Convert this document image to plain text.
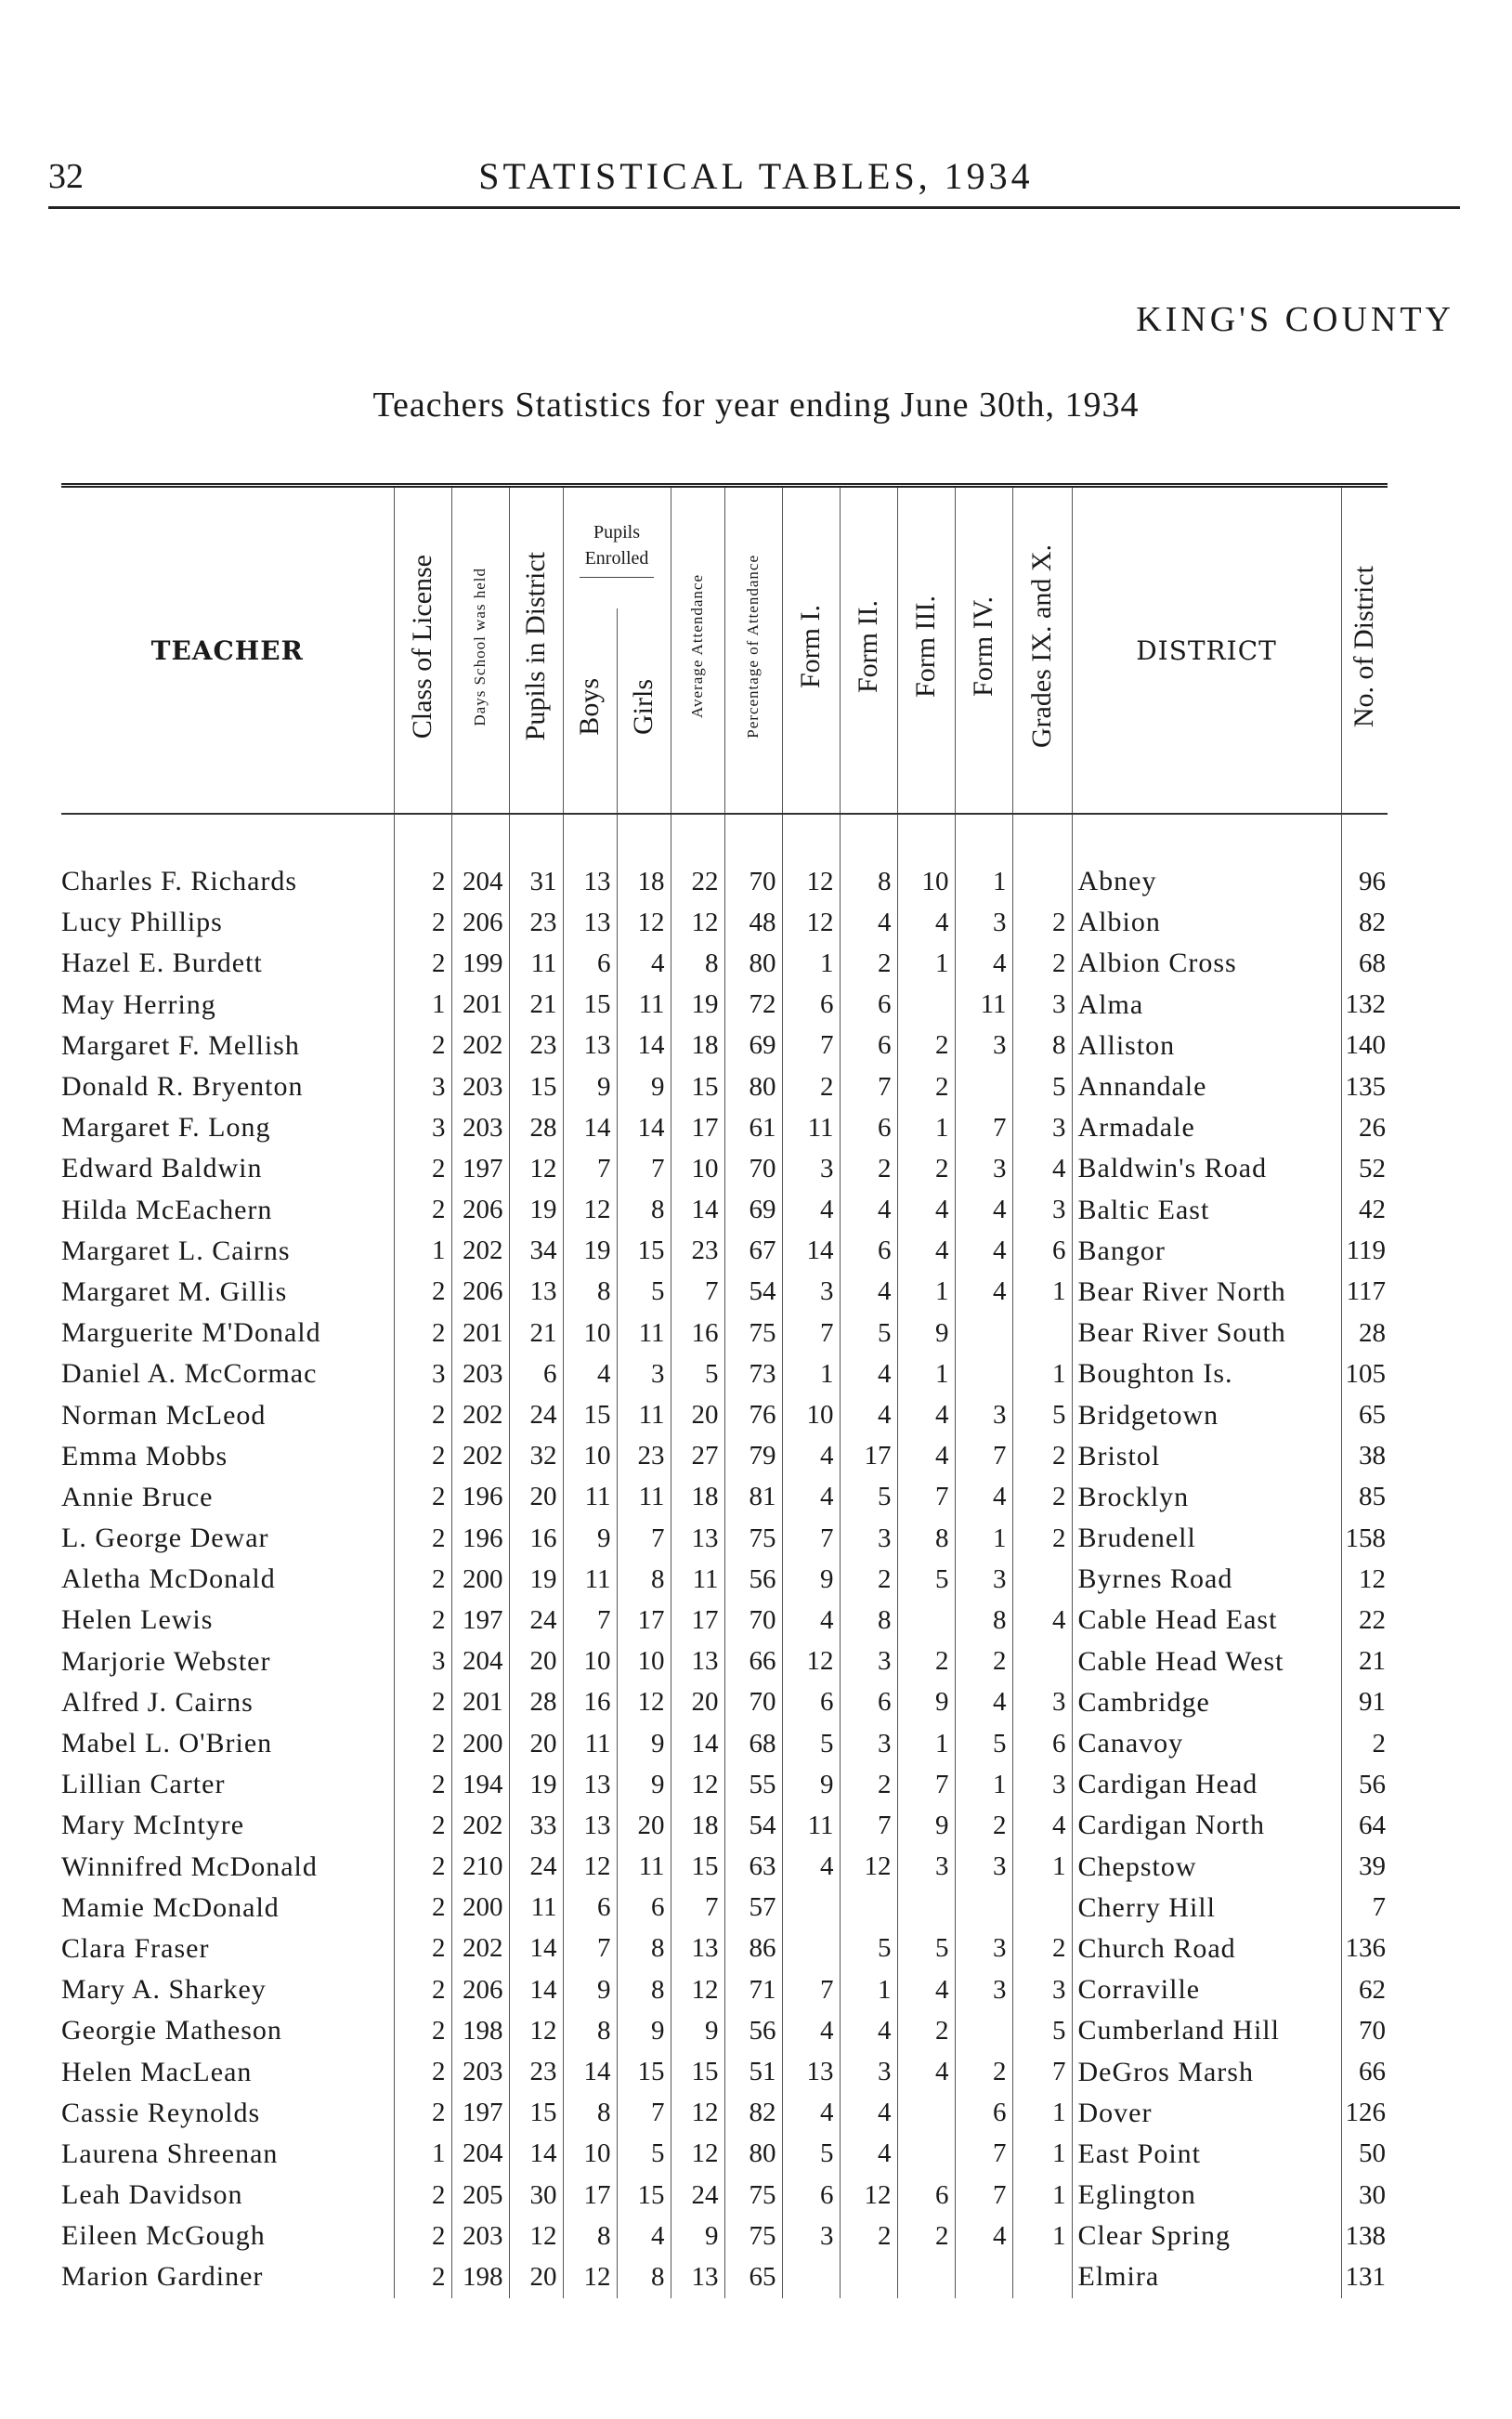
32	STATISTICAL TABLES, 1934
KING'S COUNTY
Teachers Statistics for year ending June 30th, 1934
TEACHER	Class of License	Days School was held	Pupils in District	Pupils Enrolled		Average Attendance	Percentage of Attendance	Form I.	Form II.	Form III.	Form IV.	Grades IX. and X.	DISTRICT	No. of District
				Boys	Girls									

Charles F. Richards	2	204	31	13	18	22	70	12	8	10	1		Abney	96
Lucy Phillips	2	206	23	13	12	12	48	12	4	4	3	2	Albion	82
Hazel E. Burdett	2	199	11	6	4	8	80	1	2	1	4	2	Albion Cross	68
May Herring	1	201	21	15	11	19	72	6	6		11	3	Alma	132
Margaret F. Mellish	2	202	23	13	14	18	69	7	6	2	3	8	Alliston	140
Donald R. Bryenton	3	203	15	9	9	15	80	2	7	2		5	Annandale	135
Margaret F. Long	3	203	28	14	14	17	61	11	6	1	7	3	Armadale	26
Edward Baldwin	2	197	12	7	7	10	70	3	2	2	3	4	Baldwin's Road	52
Hilda McEachern	2	206	19	12	8	14	69	4	4	4	4	3	Baltic East	42
Margaret L. Cairns	1	202	34	19	15	23	67	14	6	4	4	6	Bangor	119
Margaret M. Gillis	2	206	13	8	5	7	54	3	4	1	4	1	Bear River North	117
Marguerite M'Donald	2	201	21	10	11	16	75	7	5	9			Bear River South	28
Daniel A. McCormac	3	203	6	4	3	5	73	1	4	1		1	Boughton Is.	105
Norman McLeod	2	202	24	15	11	20	76	10	4	4	3	5	Bridgetown	65
Emma Mobbs	2	202	32	10	23	27	79	4	17	4	7	2	Bristol	38
Annie Bruce	2	196	20	11	11	18	81	4	5	7	4	2	Brocklyn	85
L. George Dewar	2	196	16	9	7	13	75	7	3	8	1	2	Brudenell	158
Aletha McDonald	2	200	19	11	8	11	56	9	2	5	3		Byrnes Road	12
Helen Lewis	2	197	24	7	17	17	70	4	8		8	4	Cable Head East	22
Marjorie Webster	3	204	20	10	10	13	66	12	3	2	2		Cable Head West	21
Alfred J. Cairns	2	201	28	16	12	20	70	6	6	9	4	3	Cambridge	91
Mabel L. O'Brien	2	200	20	11	9	14	68	5	3	1	5	6	Canavoy	2
Lillian Carter	2	194	19	13	9	12	55	9	2	7	1	3	Cardigan Head	56
Mary McIntyre	2	202	33	13	20	18	54	11	7	9	2	4	Cardigan North	64
Winnifred McDonald	2	210	24	12	11	15	63	4	12	3	3	1	Chepstow	39
Mamie McDonald	2	200	11	6	6	7	57						Cherry Hill	7
Clara Fraser	2	202	14	7	8	13	86		5	5	3	2	Church Road	136
Mary A. Sharkey	2	206	14	9	8	12	71	7	1	4	3	3	Corraville	62
Georgie Matheson	2	198	12	8	9	9	56	4	4	2		5	Cumberland Hill	70
Helen MacLean	2	203	23	14	15	15	51	13	3	4	2	7	DeGros Marsh	66
Cassie Reynolds	2	197	15	8	7	12	82	4	4		6	1	Dover	126
Laurena Shreenan	1	204	14	10	5	12	80	5	4		7	1	East Point	50
Leah Davidson	2	205	30	17	15	24	75	6	12	6	7	1	Eglington	30
Eileen McGough	2	203	12	8	4	9	75	3	2	2	4	1	Clear Spring	138
Marion Gardiner	2	198	20	12	8	13	65						Elmira	131
